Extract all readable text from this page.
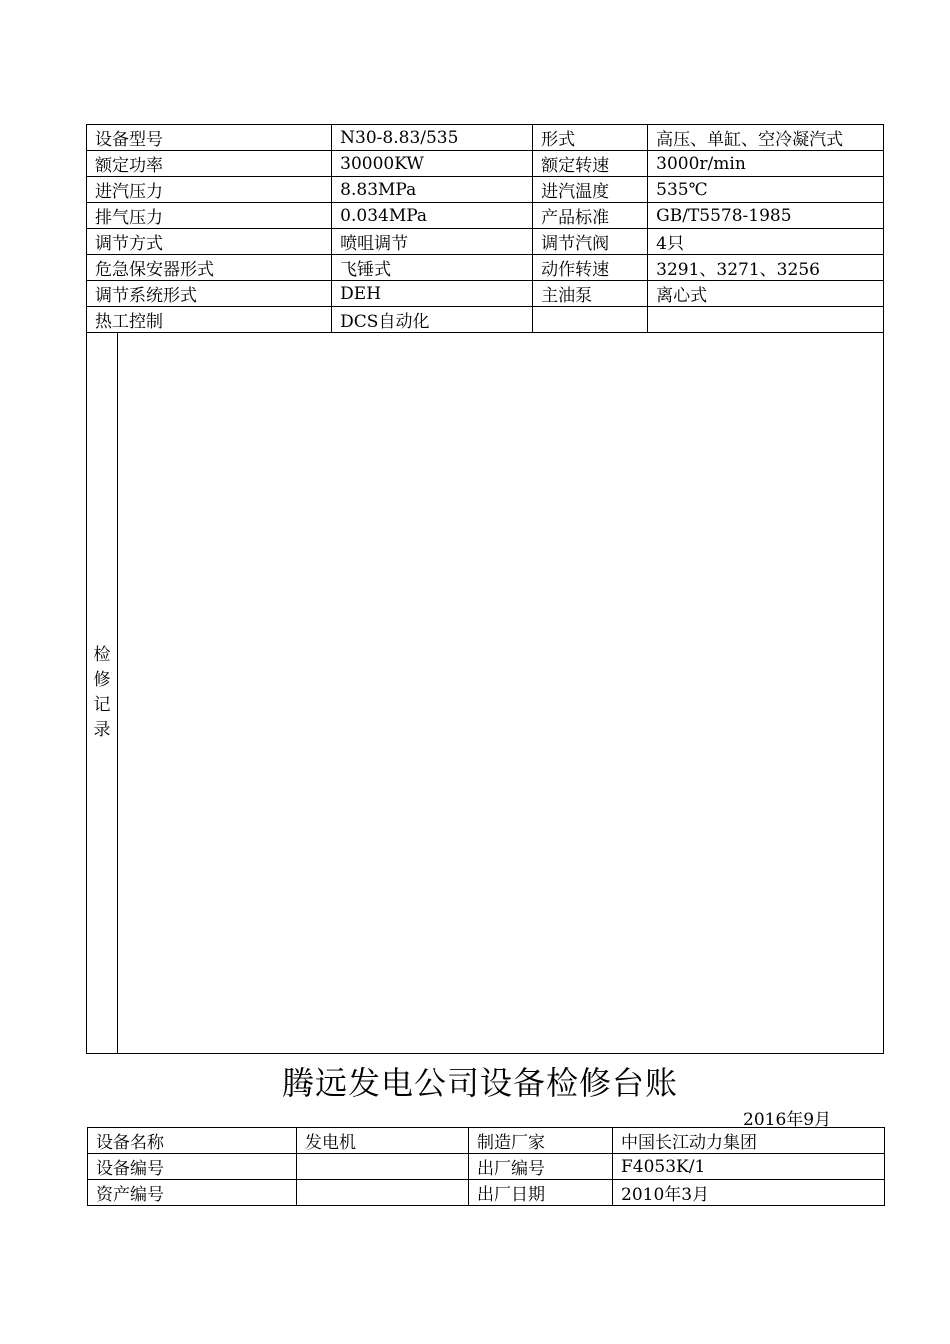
设备型号		N30-8.83/535	形式	高压、单缸、空冷凝汽式
额定功率		30000KW	额定转速	3000r/min
进汽压力		8.83MPa	进汽温度	535℃
排气压力		0.034MPa	产品标准	GB/T5578-1985
调节方式		喷咀调节	调节汽阀	4只
危急保安器形式		飞锤式	动作转速	3291、3271、3256
调节系统形式		DEH	主油泵	离心式
热工控制		DCS自动化		

检修记录				

腾远发电公司设备检修台账
2016年9月
设备名称	发电机	制造厂家	中国长江动力集团
设备编号		出厂编号	F4053K/1
资产编号		出厂日期	2010年3月
